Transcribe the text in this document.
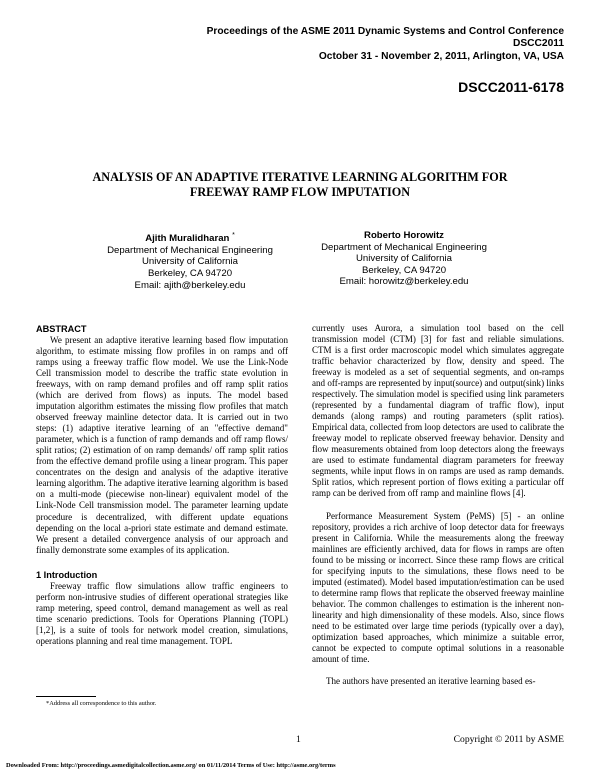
Proceedings of the ASME 2011 Dynamic Systems and Control Conference
DSCC2011
October 31 - November 2, 2011, Arlington, VA, USA
DSCC2011-6178
ANALYSIS OF AN ADAPTIVE ITERATIVE LEARNING ALGORITHM FOR
FREEWAY RAMP FLOW IMPUTATION
Ajith Muralidharan *
Department of Mechanical Engineering
University of California
Berkeley, CA 94720
Email: ajith@berkeley.edu
Roberto Horowitz
Department of Mechanical Engineering
University of California
Berkeley, CA 94720
Email: horowitz@berkeley.edu

ABSTRACT

We present an adaptive iterative learning based flow imputation algorithm, to estimate missing flow profiles in on ramps and off ramps using a freeway traffic flow model. We use the Link-Node Cell transmission model to describe the traffic state evolution in freeways, with on ramp demand profiles and off ramp split ratios (which are derived from flows) as inputs. The model based imputation algorithm estimates the missing flow profiles that match observed freeway mainline detector data. It is carried out in two steps: (1) adaptive iterative learning of an "effective demand" parameter, which is a function of ramp demands and off ramp flows/ split ratios; (2) estimation of on ramp demands/ off ramp split ratios from the effective demand profile using a linear program. This paper concentrates on the design and analysis of the adaptive iterative learning algorithm. The adaptive iterative learning algorithm is based on a multi-mode (piecewise non-linear) equivalent model of the Link-Node Cell transmission model. The parameter learning update procedure is decentralized, with different update equations depending on the local a-priori state estimate and demand estimate. We present a detailed convergence analysis of our approach and finally demonstrate some examples of its application.

1 Introduction

Freeway traffic flow simulations allow traffic engineers to perform non-intrusive studies of different operational strategies like ramp metering, speed control, demand management as well as real time scenario predictions. Tools for Operations Planning (TOPL) [1,2], is a suite of tools for network model creation, simulations, operations planning and real time management. TOPL

currently uses Aurora, a simulation tool based on the cell transmission model (CTM) [3] for fast and reliable simulations. CTM is a first order macroscopic model which simulates aggregate traffic behavior characterized by flow, density and speed. The freeway is modeled as a set of sequential segments, and on-ramps and off-ramps are represented by input(source) and output(sink) links respectively. The simulation model is specified using link parameters (represented by a fundamental diagram of traffic flow), input demands (along ramps) and routing parameters (split ratios). Empirical data, collected from loop detectors are used to calibrate the freeway model to replicate observed freeway behavior. Density and flow measurements obtained from loop detectors along the freeways are used to estimate fundamental diagram parameters for freeway segments, while input flows in on ramps are used as ramp demands. Split ratios, which represent portion of flows exiting a particular off ramp can be derived from off ramp and mainline flows [4].

Performance Measurement System (PeMS) [5] - an online repository, provides a rich archive of loop detector data for freeways present in California. While the measurements along the freeway mainlines are efficiently archived, data for flows in ramps are often found to be missing or incorrect. Since these ramp flows are critical for specifying inputs to the simulations, these flows need to be imputed (estimated). Model based imputation/estimation can be used to determine ramp flows that replicate the observed freeway mainline behavior. The common challenges to estimation is the inherent non-linearity and high dimensionality of these models. Also, since flows need to be estimated over large time periods (typically over a day), optimization based approaches, which minimize a suitable error, cannot be expected to compute optimal solutions in a reasonable amount of time.

The authors have presented an iterative learning based es-

*Address all correspondence to this author.
1	Copyright © 2011 by ASME
Downloaded From: http://proceedings.asmedigitalcollection.asme.org/ on 01/11/2014 Terms of Use: http://asme.org/terms
